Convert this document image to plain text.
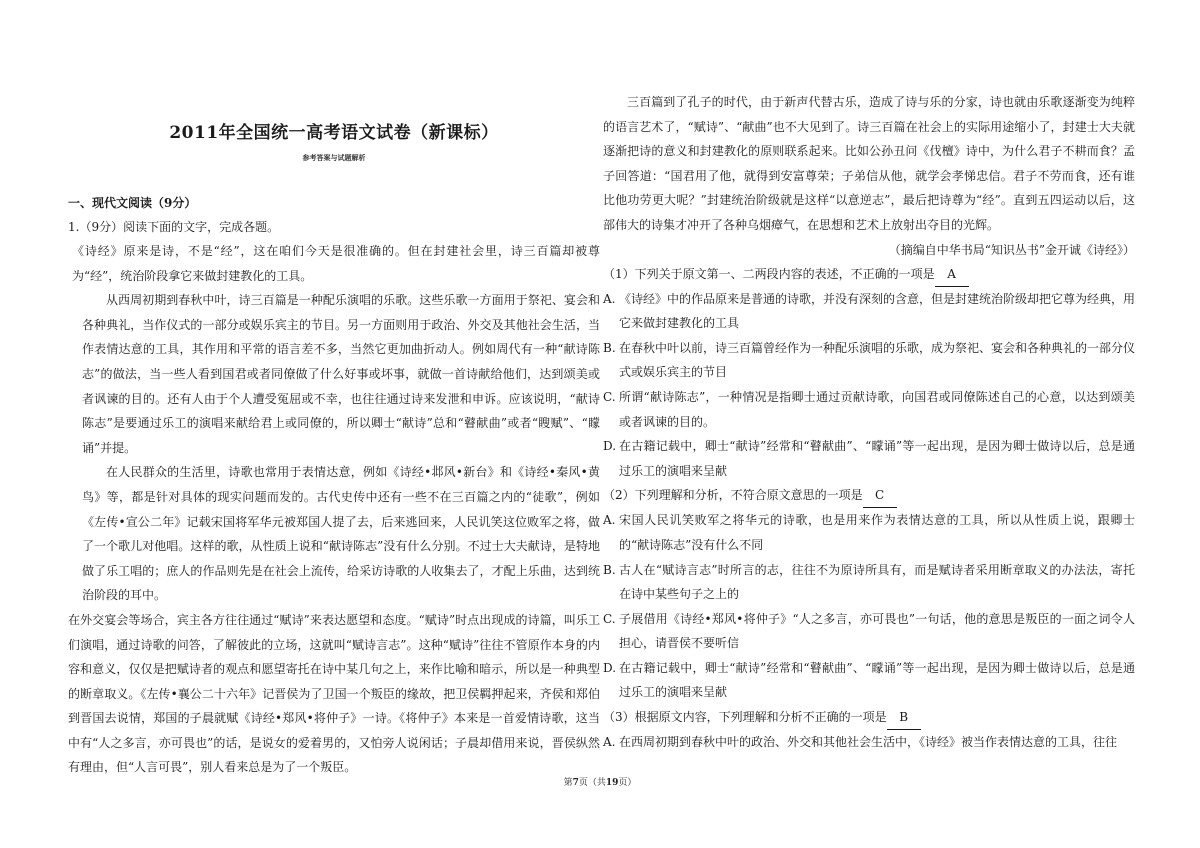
2011年全国统一高考语文试卷（新课标）
参考答案与试题解析
一、现代文阅读（9分）
1.（9分）阅读下面的文字，完成各题。

《诗经》原来是诗，不是“经”，这在咱们今天是很准确的。但在封建社会里，诗三百篇却被尊为“经”，统治阶段拿它来做封建教化的工具。

从西周初期到春秋中叶，诗三百篇是一种配乐演唱的乐歌。这些乐歌一方面用于祭祀、宴会和各种典礼，当作仪式的一部分或娱乐宾主的节目。另一方面则用于政治、外交及其他社会生活，当作表情达意的工具，其作用和平常的语言差不多，当然它更加曲折动人。例如周代有一种“献诗陈志”的做法，当一些人看到国君或者同僚做了什么好事或坏事，就做一首诗献给他们，达到颂美或者讽谏的目的。还有人由于个人遭受冤屈或不幸，也往往通过诗来发泄和申诉。应该说明，“献诗陈志”是要通过乐工的演唱来献给君上或同僚的，所以卿士“献诗”总和“瞽献曲”或者“瞍赋”、“矇诵”并提。

在人民群众的生活里，诗歌也常用于表情达意，例如《诗经•邶风•新台》和《诗经•秦风•黄鸟》等，都是针对具体的现实问题而发的。古代史传中还有一些不在三百篇之内的“徒歌”，例如《左传•宣公二年》记载宋国将军华元被郑国人提了去，后来逃回来，人民讥笑这位败军之将，做了一个歌儿对他唱。这样的歌，从性质上说和“献诗陈志”没有什么分别。不过士大夫献诗，是特地做了乐工唱的；庶人的作品则先是在社会上流传，给采访诗歌的人收集去了，才配上乐曲，达到统治阶段的耳中。

在外交宴会等场合，宾主各方往往通过“赋诗”来表达愿望和态度。“赋诗”时点出现成的诗篇，叫乐工们演唱，通过诗歌的问答，了解彼此的立场，这就叫“赋诗言志”。这种“赋诗”往往不管原作本身的内容和意义，仅仅是把赋诗者的观点和愿望寄托在诗中某几句之上，来作比喻和暗示，所以是一种典型的断章取义。《左传•襄公二十六年》记晋侯为了卫国一个叛臣的缘故，把卫侯羁押起来，齐侯和郑伯到晋国去说情，郑国的子晨就赋《诗经•郑风•将仲子》一诗。《将仲子》本来是一首爱情诗歌，这当中有“人之多言，亦可畏也”的话，是说女的爱着男的，又怕旁人说闲话；子晨却借用来说，晋侯纵然有理由，但“人言可畏”，别人看来总是为了一个叛臣。

三百篇到了孔子的时代，由于新声代替古乐，造成了诗与乐的分家，诗也就由乐歌逐渐变为纯粹的语言艺术了，“赋诗”、“献曲”也不大见到了。诗三百篇在社会上的实际用途缩小了，封建士大夫就逐渐把诗的意义和封建教化的原则联系起来。比如公孙丑问《伐檀》诗中，为什么君子不耕而食？孟子回答道：“国君用了他，就得到安富尊荣；子弟信从他，就学会孝悌忠信。君子不劳而食，还有谁比他功劳更大呢？”封建统治阶级就是这样“以意逆志”，最后把诗尊为“经”。直到五四运动以后，这部伟大的诗集才冲开了各种乌烟瘴气，在思想和艺术上放射出夺目的光辉。

（摘编自中华书局“知识丛书”金开诚《诗经》）
（1）下列关于原文第一、二两段内容的表述，不正确的一项是 A
A. 《诗经》中的作品原来是普通的诗歌，并没有深刻的含意，但是封建统治阶级却把它尊为经典，用它来做封建教化的工具
B. 在春秋中叶以前，诗三百篇曾经作为一种配乐演唱的乐歌，成为祭祀、宴会和各种典礼的一部分仪式或娱乐宾主的节目
C. 所谓“献诗陈志”，一种情况是指卿士通过贡献诗歌，向国君或同僚陈述自己的心意，以达到颂美或者讽谏的目的。
D. 在古籍记载中，卿士“献诗”经常和“瞽献曲”、“矇诵”等一起出现，是因为卿士做诗以后，总是通过乐工的演唱来呈献
（2）下列理解和分析，不符合原文意思的一项是 C
A. 宋国人民讥笑败军之将华元的诗歌，也是用来作为表情达意的工具，所以从性质上说，跟卿士的“献诗陈志”没有什么不同
B. 古人在“赋诗言志”时所言的志，往往不为原诗所具有，而是赋诗者采用断章取义的办法法，寄托在诗中某些句子之上的
C. 子展借用《诗经•郑风•将仲子》“人之多言，亦可畏也”一句话，他的意思是叛臣的一面之词令人担心，请晋侯不要听信
D. 在古籍记载中，卿士“献诗”经常和“瞽献曲”、“矇诵”等一起出现，是因为卿士做诗以后，总是通过乐工的演唱来呈献
（3）根据原文内容，下列理解和分析不正确的一项是 B
A. 在西周初期到春秋中叶的政治、外交和其他社会生活中，《诗经》被当作表情达意的工具，往往
第7页（共19页）
